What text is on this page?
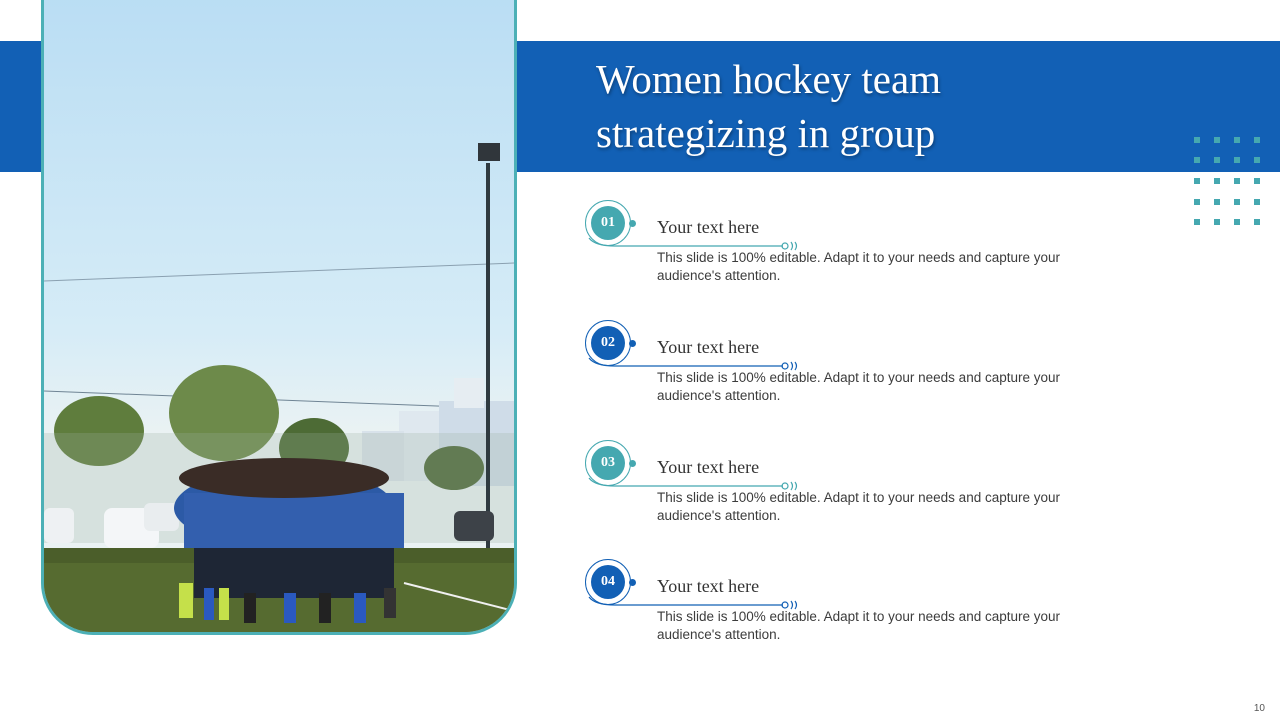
Women hockey team
strategizing in group
01	Your text here

This slide is 100% editable. Adapt it to your needs and capture your audience's attention.

02	Your text here

This slide is 100% editable. Adapt it to your needs and capture your audience's attention.

03	Your text here

This slide is 100% editable. Adapt it to your needs and capture your audience's attention.

04	Your text here

This slide is 100% editable. Adapt it to your needs and capture your audience's attention.

10
